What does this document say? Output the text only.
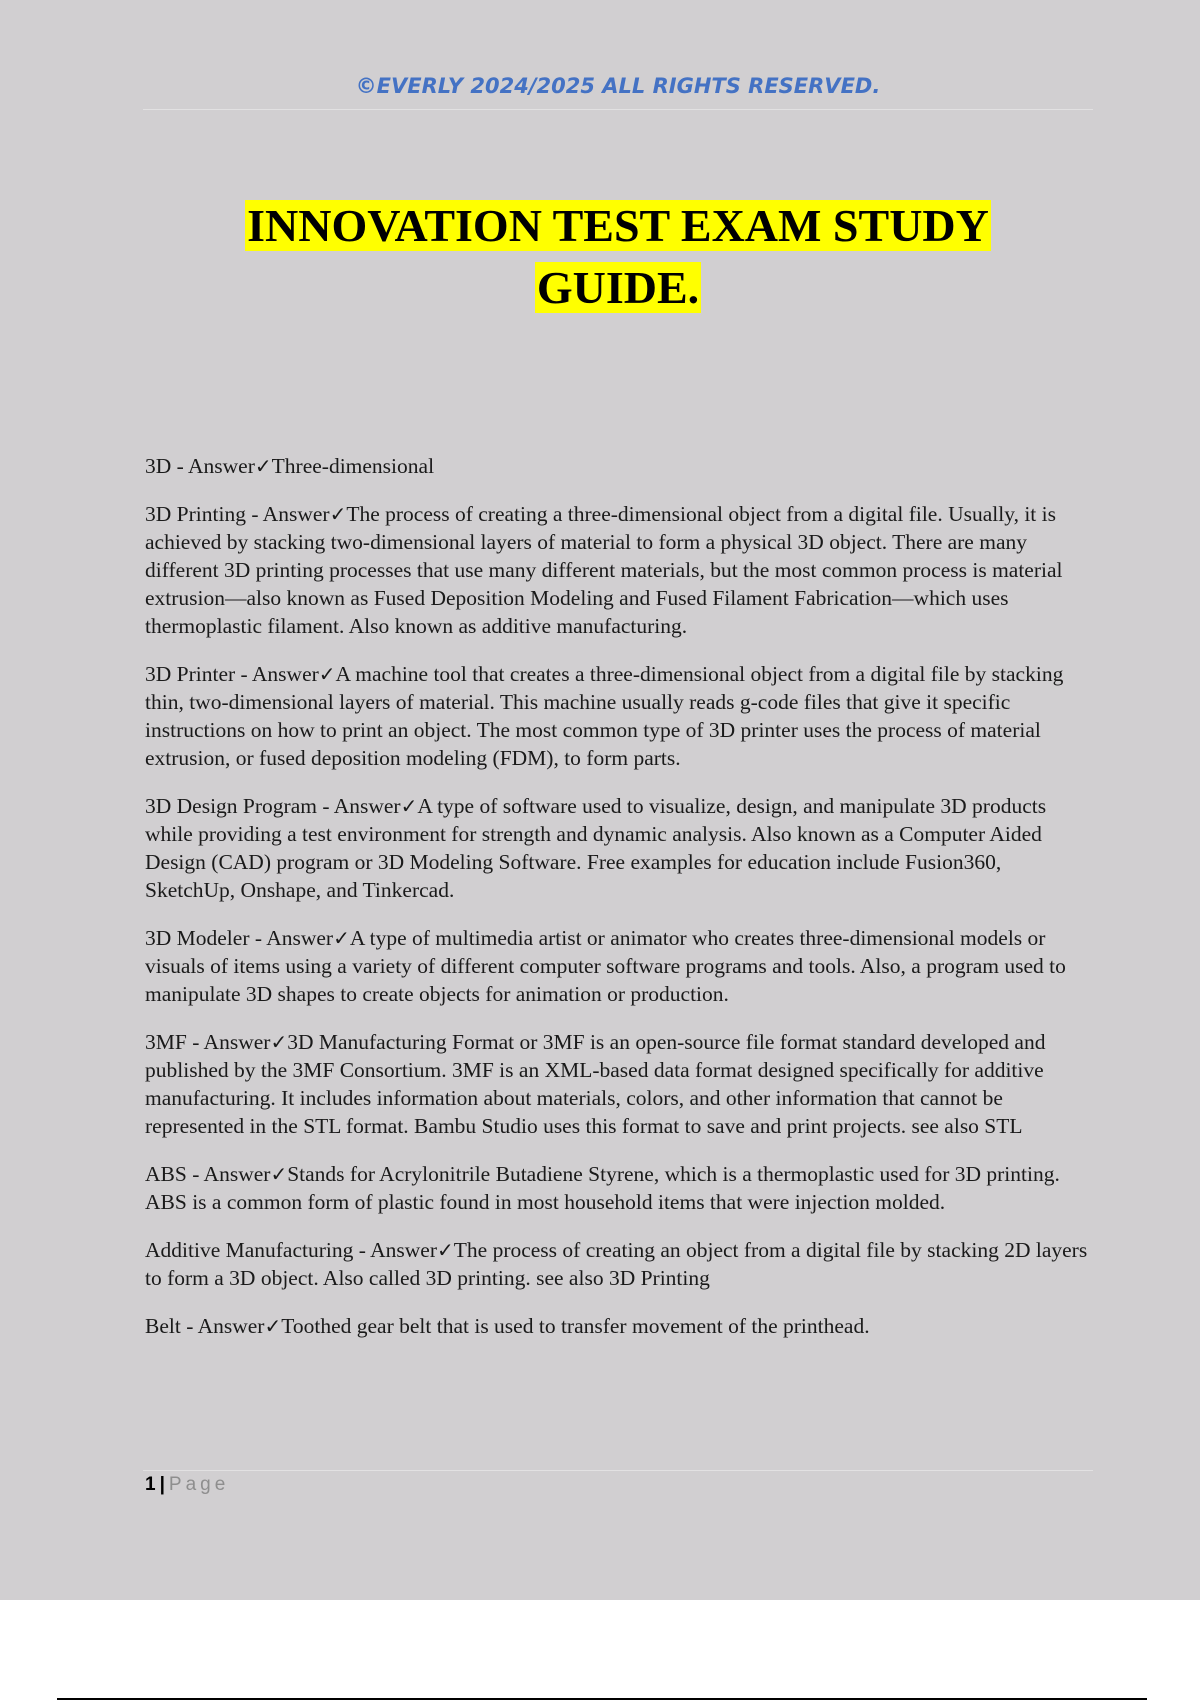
©EVERLY 2024/2025 ALL RIGHTS RESERVED.
INNOVATION TEST EXAM STUDY
GUIDE.

3D - Answer✓Three-dimensional

3D Printing - Answer✓The process of creating a three-dimensional object from a digital file. Usually, it is achieved by stacking two-dimensional layers of material to form a physical 3D object. There are many different 3D printing processes that use many different materials, but the most common process is material extrusion—also known as Fused Deposition Modeling and Fused Filament Fabrication—which uses thermoplastic filament. Also known as additive manufacturing.

3D Printer - Answer✓A machine tool that creates a three-dimensional object from a digital file by stacking thin, two-dimensional layers of material. This machine usually reads g-code files that give it specific instructions on how to print an object. The most common type of 3D printer uses the process of material extrusion, or fused deposition modeling (FDM), to form parts.

3D Design Program - Answer✓A type of software used to visualize, design, and manipulate 3D products while providing a test environment for strength and dynamic analysis. Also known as a Computer Aided Design (CAD) program or 3D Modeling Software. Free examples for education include Fusion360, SketchUp, Onshape, and Tinkercad.

3D Modeler - Answer✓A type of multimedia artist or animator who creates three-dimensional models or visuals of items using a variety of different computer software programs and tools. Also, a program used to manipulate 3D shapes to create objects for animation or production.

3MF - Answer✓3D Manufacturing Format or 3MF is an open-source file format standard developed and published by the 3MF Consortium. 3MF is an XML-based data format designed specifically for additive manufacturing. It includes information about materials, colors, and other information that cannot be represented in the STL format. Bambu Studio uses this format to save and print projects. see also STL

ABS - Answer✓Stands for Acrylonitrile Butadiene Styrene, which is a thermoplastic used for 3D printing. ABS is a common form of plastic found in most household items that were injection molded.

Additive Manufacturing - Answer✓The process of creating an object from a digital file by stacking 2D layers to form a 3D object. Also called 3D printing. see also 3D Printing

Belt - Answer✓Toothed gear belt that is used to transfer movement of the printhead.

1 | Page
